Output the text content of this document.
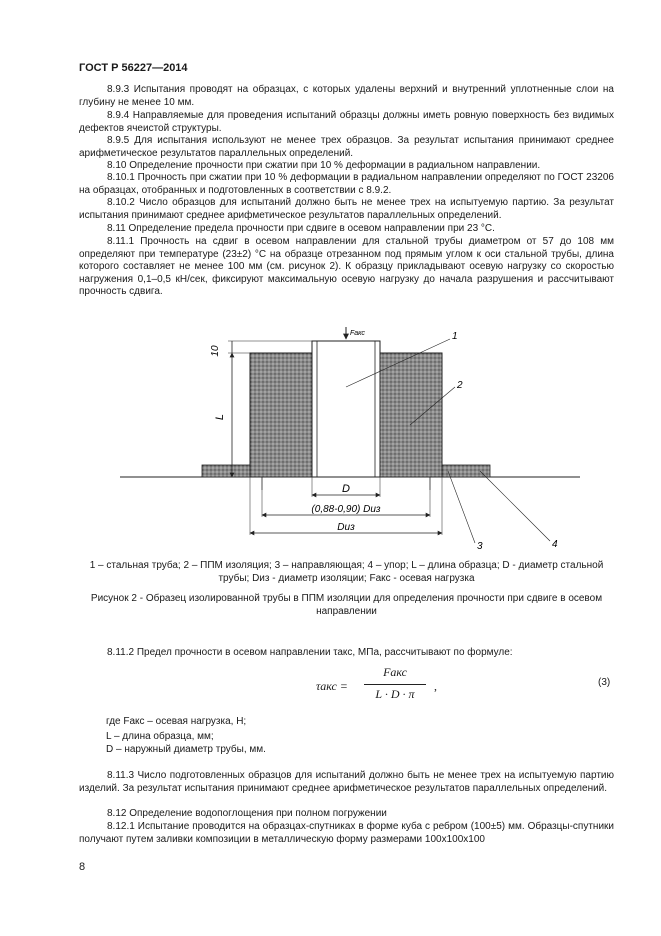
ГОСТ Р 56227—2014

8.9.3 Испытания проводят на образцах, с которых удалены верхний и внутренний уплотненные слои на глубину не менее 10 мм.

8.9.4 Направляемые для проведения испытаний образцы должны иметь ровную поверхность без видимых дефектов ячеистой структуры.

8.9.5 Для испытания используют не менее трех образцов. За результат испытания принимают среднее арифметическое результатов параллельных определений.

8.10 Определение прочности при сжатии при 10 % деформации в радиальном направлении.

8.10.1 Прочность при сжатии при 10 % деформации в радиальном направлении определяют по ГОСТ 23206 на образцах, отобранных и подготовленных в соответствии с 8.9.2.

8.10.2 Число образцов для испытаний должно быть не менее трех на испытуемую партию. За результат испытания принимают среднее арифметическое результатов параллельных определений.

8.11 Определение предела прочности при сдвиге в осевом направлении при 23 °С.

8.11.1 Прочность на сдвиг в осевом направлении для стальной трубы диаметром от 57 до 108 мм определяют при температуре (23±2) °С на образце отрезанном под прямым углом к оси стальной трубы, длина которого составляет не менее 100 мм (см. рисунок 2). К образцу прикладывают осевую нагрузку со скоростью нагружения 0,1–0,5 кН/сек, фиксируют максимальную осевую нагрузку до начала разрушения и рассчитывают прочность сдвига.

Fакс
10
L
D
(0,88-0,90) Dиз
Dиз
1
2
3	4

1 – стальная труба; 2 – ППМ изоляция; 3 – направляющая; 4 – упор; L – длина образца; D - диаметр стальной трубы; Dиз - диаметр изоляции; Fакс - осевая нагрузка

Рисунок 2 - Образец изолированной трубы в ППМ изоляции для определения прочности при сдвиге в осевом направлении

8.11.2 Предел прочности в осевом направлении τакс, МПа, рассчитывают по формуле:

τакс =
Fакс
L · D · π
,	(3)
где Fакс – осевая нагрузка, Н;
L – длина образца, мм;
D – наружный диаметр трубы, мм.

8.11.3 Число подготовленных образцов для испытаний должно быть не менее трех на испытуемую партию изделий. За результат испытания принимают среднее арифметическое результатов параллельных определений.

8.12 Определение водопоглощения при полном погружении

8.12.1 Испытание проводится на образцах-спутниках в форме куба с ребром (100±5) мм. Образцы-спутники получают путем заливки композиции в металлическую форму размерами 100х100х100

8
